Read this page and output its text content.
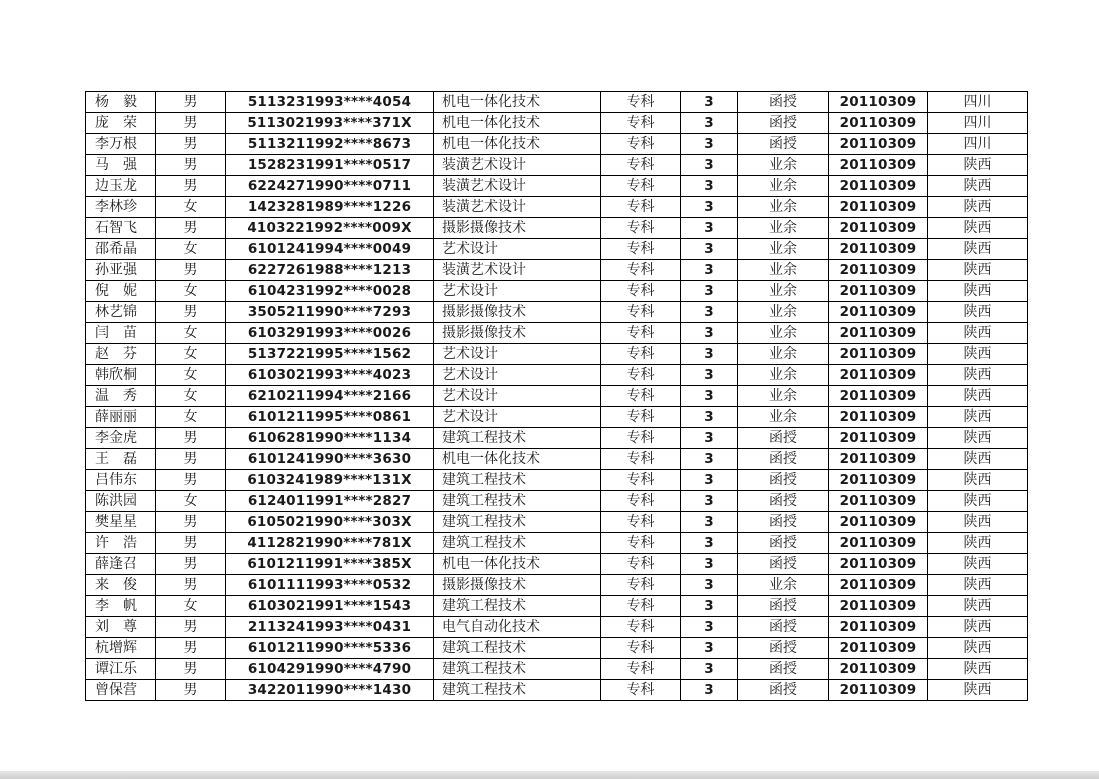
杨　毅	男	5113231993****4054	机电一体化技术	专科	3	函授	20110309	四川
庞　荣	男	5113021993****371X	机电一体化技术	专科	3	函授	20110309	四川
李万根	男	5113211992****8673	机电一体化技术	专科	3	函授	20110309	四川
马　强	男	1528231991****0517	装潢艺术设计	专科	3	业余	20110309	陕西
边玉龙	男	6224271990****0711	装潢艺术设计	专科	3	业余	20110309	陕西
李林珍	女	1423281989****1226	装潢艺术设计	专科	3	业余	20110309	陕西
石智飞	男	4103221992****009X	摄影摄像技术	专科	3	业余	20110309	陕西
邵希晶	女	6101241994****0049	艺术设计	专科	3	业余	20110309	陕西
孙亚强	男	6227261988****1213	装潢艺术设计	专科	3	业余	20110309	陕西
倪　妮	女	6104231992****0028	艺术设计	专科	3	业余	20110309	陕西
林艺锦	男	3505211990****7293	摄影摄像技术	专科	3	业余	20110309	陕西
闫　苗	女	6103291993****0026	摄影摄像技术	专科	3	业余	20110309	陕西
赵　芬	女	5137221995****1562	艺术设计	专科	3	业余	20110309	陕西
韩欣桐	女	6103021993****4023	艺术设计	专科	3	业余	20110309	陕西
温　秀	女	6210211994****2166	艺术设计	专科	3	业余	20110309	陕西
薛丽丽	女	6101211995****0861	艺术设计	专科	3	业余	20110309	陕西
李金虎	男	6106281990****1134	建筑工程技术	专科	3	函授	20110309	陕西
王　磊	男	6101241990****3630	机电一体化技术	专科	3	函授	20110309	陕西
吕伟东	男	6103241989****131X	建筑工程技术	专科	3	函授	20110309	陕西
陈洪园	女	6124011991****2827	建筑工程技术	专科	3	函授	20110309	陕西
樊星星	男	6105021990****303X	建筑工程技术	专科	3	函授	20110309	陕西
许　浩	男	4112821990****781X	建筑工程技术	专科	3	函授	20110309	陕西
薛逢召	男	6101211991****385X	机电一体化技术	专科	3	函授	20110309	陕西
来　俊	男	6101111993****0532	摄影摄像技术	专科	3	业余	20110309	陕西
李　帆	女	6103021991****1543	建筑工程技术	专科	3	函授	20110309	陕西
刘　尊	男	2113241993****0431	电气自动化技术	专科	3	函授	20110309	陕西
杭增辉	男	6101211990****5336	建筑工程技术	专科	3	函授	20110309	陕西
谭江乐	男	6104291990****4790	建筑工程技术	专科	3	函授	20110309	陕西
曾保营	男	3422011990****1430	建筑工程技术	专科	3	函授	20110309	陕西
